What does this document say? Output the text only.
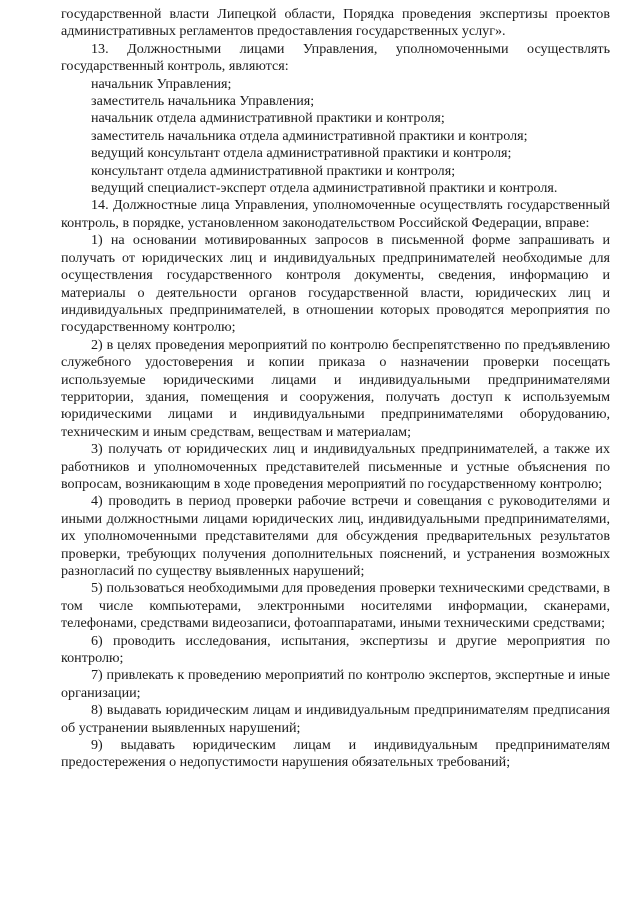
государственной власти Липецкой области, Порядка проведения экспертизы проектов административных регламентов предоставления государственных услуг».

13. Должностными лицами Управления, уполномоченными осуществлять государственный контроль, являются:

начальник Управления;

заместитель начальника Управления;

начальник отдела административной практики и контроля;

заместитель начальника отдела административной практики и контроля;

ведущий консультант отдела административной практики и контроля;

консультант отдела административной практики и контроля;

ведущий специалист-эксперт отдела административной практики и контроля.

14. Должностные лица Управления, уполномоченные осуществлять государственный контроль, в порядке, установленном законодательством Российской Федерации, вправе:

1) на основании мотивированных запросов в письменной форме запрашивать и получать от юридических лиц и индивидуальных предпринимателей необходимые для осуществления государственного контроля документы, сведения, информацию и материалы о деятельности органов государственной власти, юридических лиц и индивидуальных предпринимателей, в отношении которых проводятся мероприятия по государственному контролю;

2) в целях проведения мероприятий по контролю беспрепятственно по предъявлению служебного удостоверения и копии приказа о назначении проверки посещать используемые юридическими лицами и индивидуальными предпринимателями территории, здания, помещения и сооружения, получать доступ к используемым юридическими лицами и индивидуальными предпринимателями оборудованию, техническим и иным средствам, веществам и материалам;

3) получать от юридических лиц и индивидуальных предпринимателей, а также их работников и уполномоченных представителей письменные и устные объяснения по вопросам, возникающим в ходе проведения мероприятий по государственному контролю;

4) проводить в период проверки рабочие встречи и совещания с руководителями и иными должностными лицами юридических лиц, индивидуальными предпринимателями, их уполномоченными представителями для обсуждения предварительных результатов проверки, требующих получения дополнительных пояснений, и устранения возможных разногласий по существу выявленных нарушений;

5) пользоваться необходимыми для проведения проверки техническими средствами, в том числе компьютерами, электронными носителями информации, сканерами, телефонами, средствами видеозаписи, фотоаппаратами, иными техническими средствами;

6) проводить исследования, испытания, экспертизы и другие мероприятия по контролю;

7) привлекать к проведению мероприятий по контролю экспертов, экспертные и иные организации;

8) выдавать юридическим лицам и индивидуальным предпринимателям предписания об устранении выявленных нарушений;

9) выдавать юридическим лицам и индивидуальным предпринимателям предостережения о недопустимости нарушения обязательных требований;
